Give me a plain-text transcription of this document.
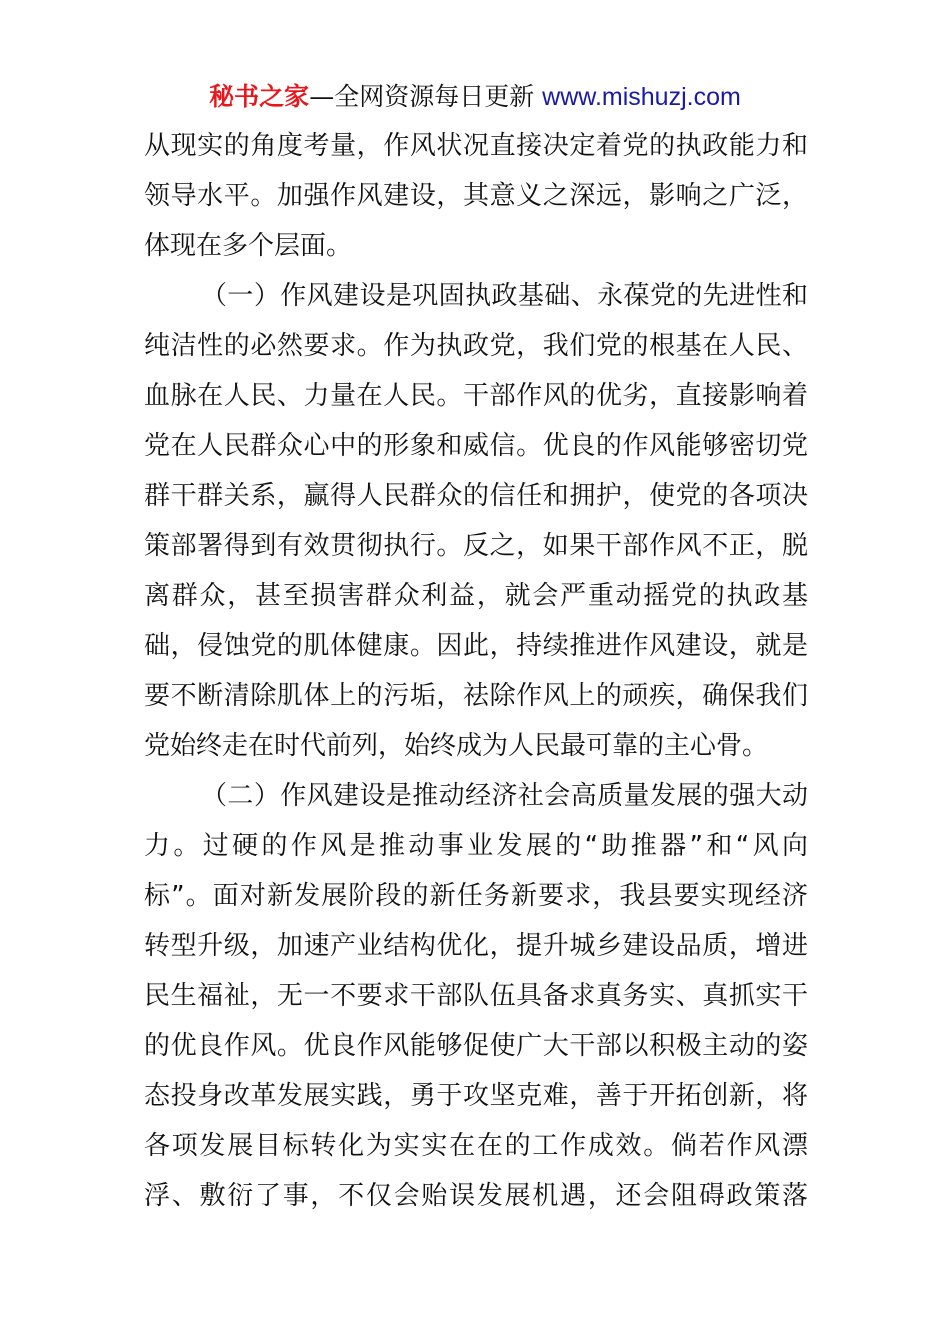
秘书之家—全网资源每日更新 www.mishuzj.com
从现实的角度考量，作风状况直接决定着党的执政能力和
领导水平。加强作风建设，其意义之深远，影响之广泛，
体现在多个层面。
（一）作风建设是巩固执政基础、永葆党的先进性和
纯洁性的必然要求。作为执政党，我们党的根基在人民、
血脉在人民、力量在人民。干部作风的优劣，直接影响着
党在人民群众心中的形象和威信。优良的作风能够密切党
群干群关系，赢得人民群众的信任和拥护，使党的各项决
策部署得到有效贯彻执行。反之，如果干部作风不正，脱
离群众，甚至损害群众利益，就会严重动摇党的执政基
础，侵蚀党的肌体健康。因此，持续推进作风建设，就是
要不断清除肌体上的污垢，祛除作风上的顽疾，确保我们
党始终走在时代前列，始终成为人民最可靠的主心骨。
（二）作风建设是推动经济社会高质量发展的强大动
力。过硬的作风是推动事业发展的“助推器”和“风向
标”。面对新发展阶段的新任务新要求，我县要实现经济
转型升级，加速产业结构优化，提升城乡建设品质，增进
民生福祉，无一不要求干部队伍具备求真务实、真抓实干
的优良作风。优良作风能够促使广大干部以积极主动的姿
态投身改革发展实践，勇于攻坚克难，善于开拓创新，将
各项发展目标转化为实实在在的工作成效。倘若作风漂
浮、敷衍了事，不仅会贻误发展机遇，还会阻碍政策落
